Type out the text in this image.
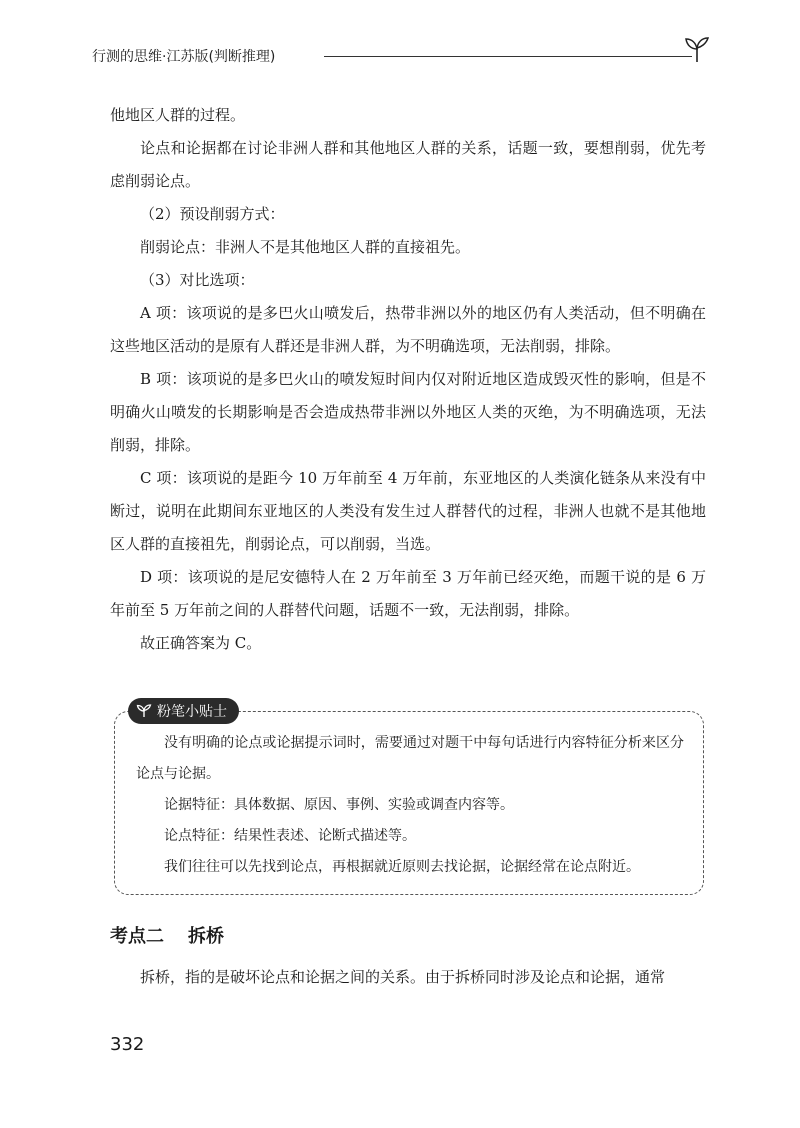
行测的思维·江苏版(判断推理)

他地区人群的过程。

论点和论据都在讨论非洲人群和其他地区人群的关系，话题一致，要想削弱，优先考虑削弱论点。

（2）预设削弱方式：

削弱论点：非洲人不是其他地区人群的直接祖先。

（3）对比选项：

A 项：该项说的是多巴火山喷发后，热带非洲以外的地区仍有人类活动，但不明确在这些地区活动的是原有人群还是非洲人群，为不明确选项，无法削弱，排除。

B 项：该项说的是多巴火山的喷发短时间内仅对附近地区造成毁灭性的影响，但是不明确火山喷发的长期影响是否会造成热带非洲以外地区人类的灭绝，为不明确选项，无法削弱，排除。

C 项：该项说的是距今 10 万年前至 4 万年前，东亚地区的人类演化链条从来没有中断过，说明在此期间东亚地区的人类没有发生过人群替代的过程，非洲人也就不是其他地区人群的直接祖先，削弱论点，可以削弱，当选。

D 项：该项说的是尼安德特人在 2 万年前至 3 万年前已经灭绝，而题干说的是 6 万年前至 5 万年前之间的人群替代问题，话题不一致，无法削弱，排除。

故正确答案为 C。

粉笔小贴士

没有明确的论点或论据提示词时，需要通过对题干中每句话进行内容特征分析来区分论点与论据。

论据特征：具体数据、原因、事例、实验或调查内容等。

论点特征：结果性表述、论断式描述等。

我们往往可以先找到论点，再根据就近原则去找论据，论据经常在论点附近。

考点二 拆桥

拆桥，指的是破坏论点和论据之间的关系。由于拆桥同时涉及论点和论据，通常

332
